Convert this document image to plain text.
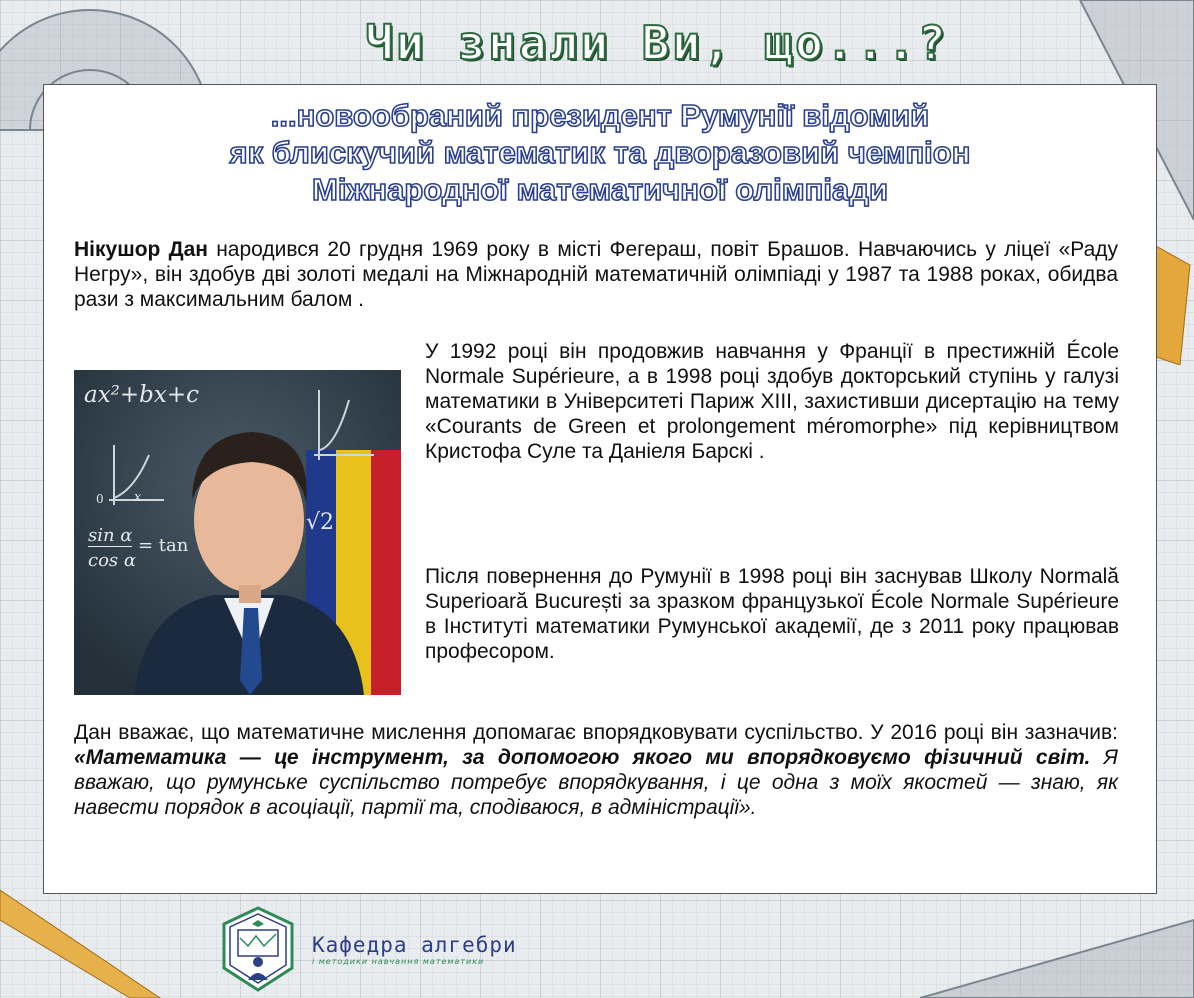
Чи знали Ви, що...?
...новообраний президент Румунії відомий
як блискучий математик та дворазовий чемпіон
Міжнародної математичної олімпіади

Нікушор Дан народився 20 грудня 1969 року в місті Фегераш, повіт Брашов. Навчаючись у ліцеї «Раду Негру», він здобув дві золоті медалі на Міжнародній математичній олімпіаді у 1987 та 1988 роках, обидва рази з максимальним балом .

ax²+bx+c
sin α
cos α
= tan
√2
0 x

У 1992 році він продовжив навчання у Франції в престижній École Normale Supérieure, а в 1998 році здобув докторський ступінь у галузі математики в Університеті Париж XIII, захистивши дисертацію на тему «Courants de Green et prolongement méromorphe» під керівництвом Кристофа Суле та Даніеля Барскі .

Після повернення до Румунії в 1998 році він заснував Школу Normală Superioară București за зразком французької École Normale Supérieure в Інституті математики Румунської академії, де з 2011 року працював професором.

Дан вважає, що математичне мислення допомагає впорядковувати суспільство. У 2016 році він зазначив: «Математика — це інструмент, за допомогою якого ми впорядковуємо фізичний світ. Я вважаю, що румунське суспільство потребує впорядкування, і це одна з моїх якостей — знаю, як навести порядок в асоціації, партії та, сподіваюся, в адміністрації».

Кафедра алгебри
і методики навчання математики
